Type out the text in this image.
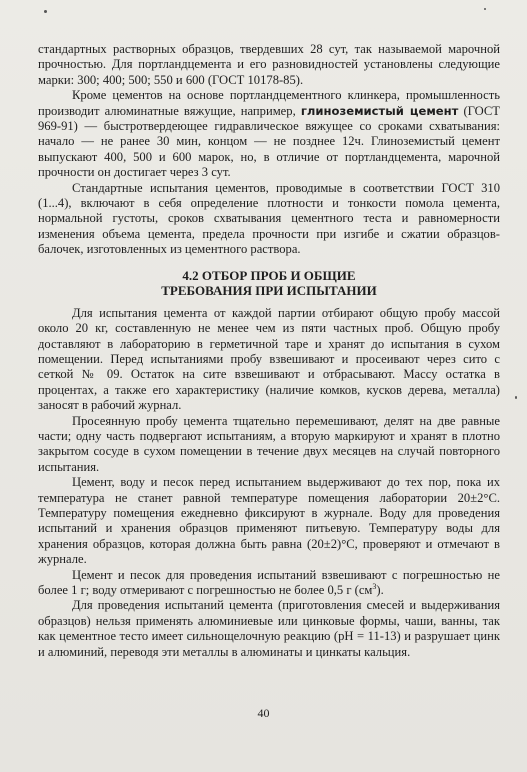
стандартных растворных образцов, твердевших 28 сут, так называемой марочной прочностью. Для портландцемента и его разновидностей установлены следующие марки: 300; 400; 500; 550 и 600 (ГОСТ 10178-85).

Кроме цементов на основе портландцементного клинкера, промышленность производит алюминатные вяжущие, например, глиноземистый цемент (ГОСТ 969-91) — быстротвердеющее гидравлическое вяжущее со сроками схватывания: начало — не ранее 30 мин, концом — не позднее 12ч. Глиноземистый цемент выпускают 400, 500 и 600 марок, но, в отличие от портландцемента, марочной прочности он достигает через 3 сут.

Стандартные испытания цементов, проводимые в соответствии ГОСТ 310 (1...4), включают в себя определение плотности и тонкости помола цемента, нормальной густоты, сроков схватывания цементного теста и равномерности изменения объема цемента, предела прочности при изгибе и сжатии образцов-балочек, изготовленных из цементного раствора.

4.2 ОТБОР ПРОБ И ОБЩИЕ
ТРЕБОВАНИЯ ПРИ ИСПЫТАНИИ

Для испытания цемента от каждой партии отбирают общую пробу массой около 20 кг, составленную не менее чем из пяти частных проб. Общую пробу доставляют в лабораторию в герметичной таре и хранят до испытания в сухом помещении. Перед испытаниями пробу взвешивают и просеивают через сито с сеткой № 09. Остаток на сите взвешивают и отбрасывают. Массу остатка в процентах, а также его характеристику (наличие комков, кусков дерева, металла) заносят в рабочий журнал.

Просеянную пробу цемента тщательно перемешивают, делят на две равные части; одну часть подвергают испытаниям, а вторую маркируют и хранят в плотно закрытом сосуде в сухом помещении в течение двух месяцев на случай повторного испытания.

Цемент, воду и песок перед испытанием выдерживают до тех пор, пока их температура не станет равной температуре помещения лаборатории 20±2°С. Температуру помещения ежедневно фиксируют в журнале. Воду для проведения испытаний и хранения образцов применяют питьевую. Температуру воды для хранения образцов, которая должна быть равна (20±2)°С, проверяют и отмечают в журнале.

Цемент и песок для проведения испытаний взвешивают с погрешностью не более 1 г; воду отмеривают с погрешностью не более 0,5 г $(см^3)$.

Для проведения испытаний цемента (приготовления смесей и выдерживания образцов) нельзя применять алюминиевые или цинковые формы, чаши, ванны, так как цементное тесто имеет сильнощелочную реакцию (pH = 11-13) и разрушает цинк и алюминий, переводя эти металлы в алюминаты и цинкаты кальция.

40
